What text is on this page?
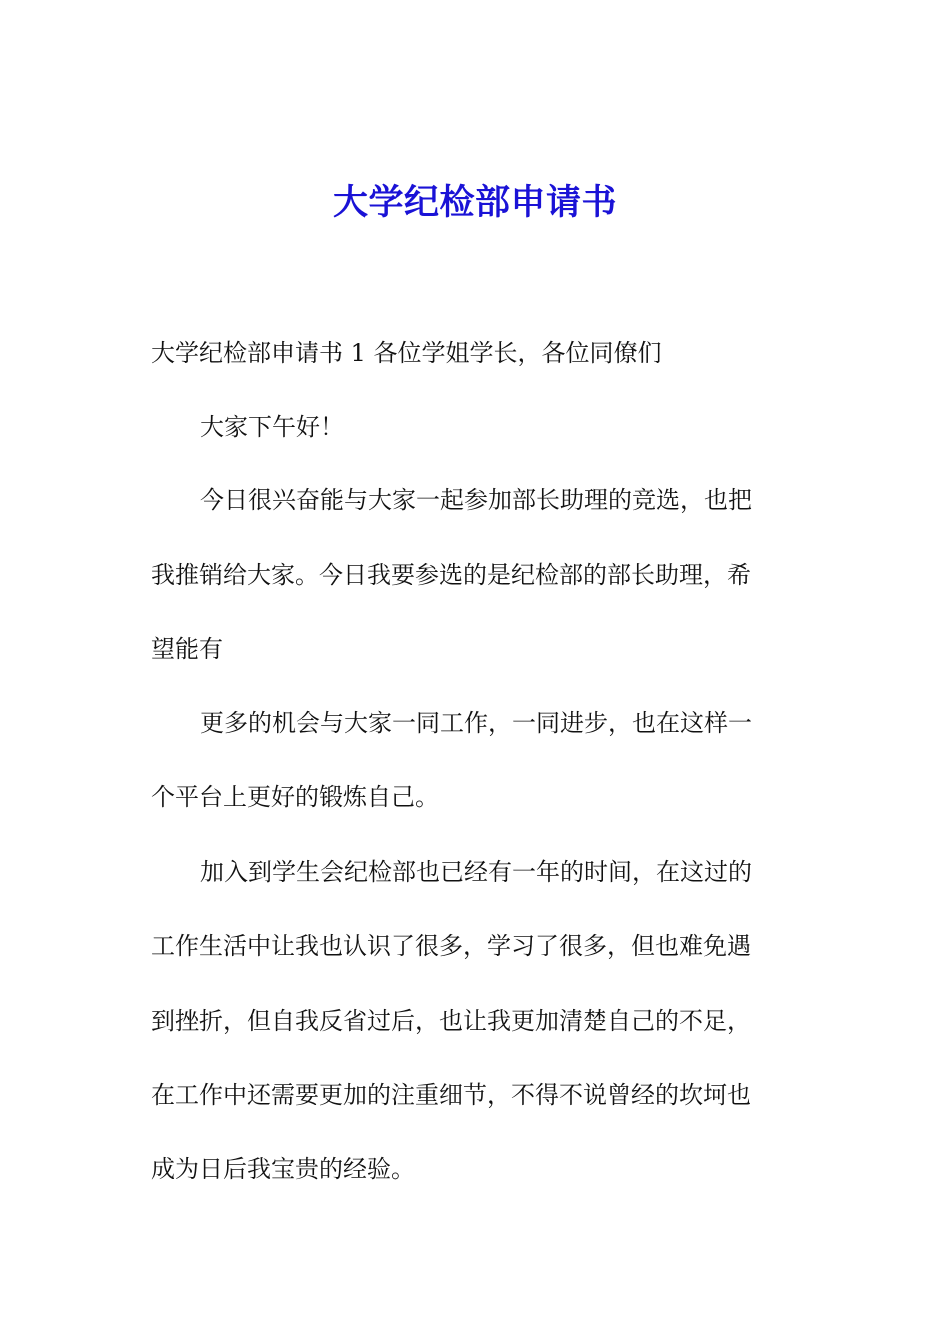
大学纪检部申请书

大学纪检部申请书 1 各位学姐学长，各位同僚们

大家下午好！

今日很兴奋能与大家一起参加部长助理的竞选，也把

我推销给大家。今日我要参选的是纪检部的部长助理，希

望能有

更多的机会与大家一同工作，一同进步，也在这样一

个平台上更好的锻炼自己。

加入到学生会纪检部也已经有一年的时间，在这过的

工作生活中让我也认识了很多，学习了很多，但也难免遇

到挫折，但自我反省过后，也让我更加清楚自己的不足，

在工作中还需要更加的注重细节，不得不说曾经的坎坷也

成为日后我宝贵的经验。
